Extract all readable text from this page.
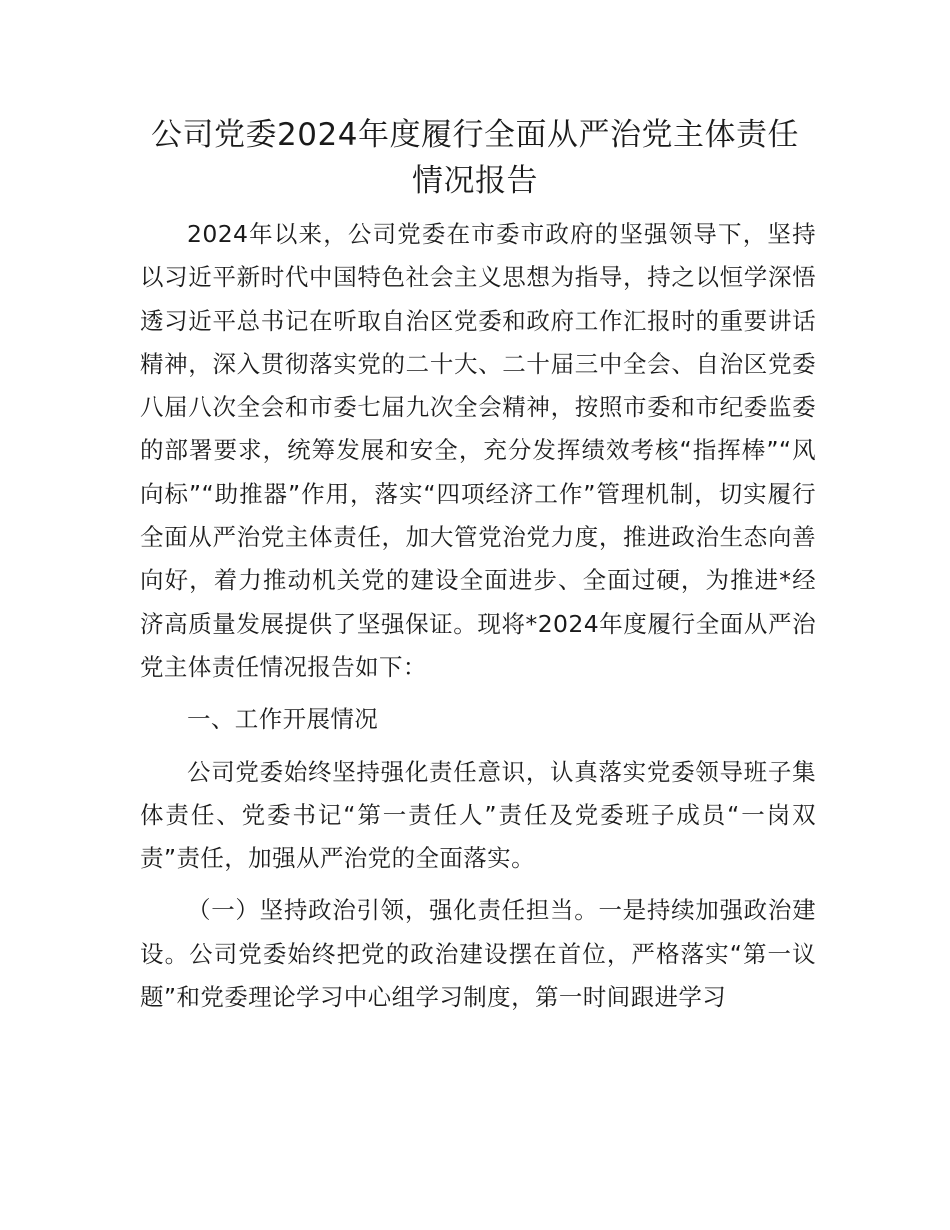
公司党委2024年度履行全面从严治党主体责任情况报告

2024年以来，公司党委在市委市政府的坚强领导下，坚持以习近平新时代中国特色社会主义思想为指导，持之以恒学深悟透习近平总书记在听取自治区党委和政府工作汇报时的重要讲话精神，深入贯彻落实党的二十大、二十届三中全会、自治区党委八届八次全会和市委七届九次全会精神，按照市委和市纪委监委的部署要求，统筹发展和安全，充分发挥绩效考核“指挥棒”“风向标”“助推器”作用，落实“四项经济工作”管理机制，切实履行全面从严治党主体责任，加大管党治党力度，推进政治生态向善向好，着力推动机关党的建设全面进步、全面过硬，为推进*经济高质量发展提供了坚强保证。现将*2024年度履行全面从严治党主体责任情况报告如下：

一、工作开展情况

公司党委始终坚持强化责任意识，认真落实党委领导班子集体责任、党委书记“第一责任人”责任及党委班子成员“一岗双责”责任，加强从严治党的全面落实。

（一）坚持政治引领，强化责任担当。一是持续加强政治建设。公司党委始终把党的政治建设摆在首位，严格落实“第一议题”和党委理论学习中心组学习制度，第一时间跟进学习
